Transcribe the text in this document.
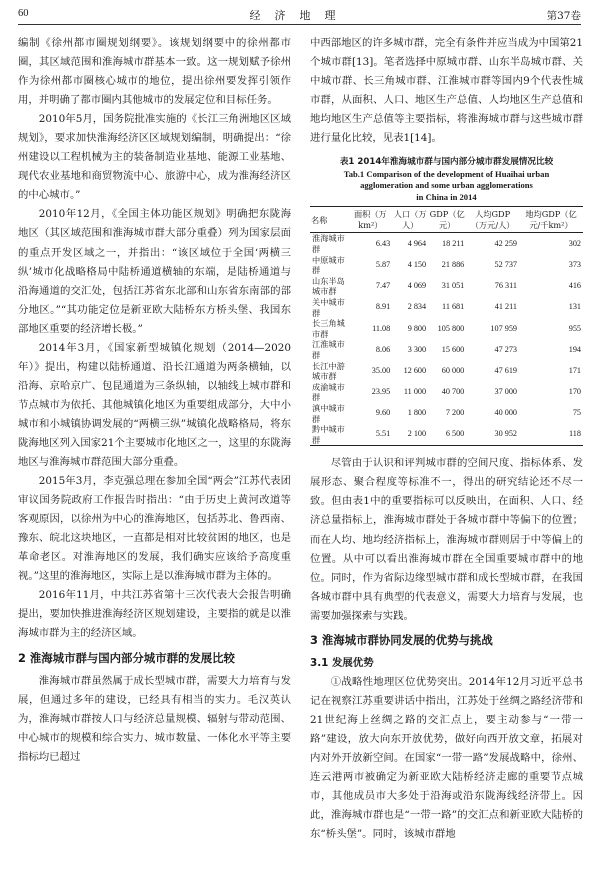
60	经济地理	第37卷

编制《徐州都市圈规划纲要》。该规划纲要中的徐州都市圈，其区域范围和淮海城市群基本一致。这一规划赋予徐州作为徐州都市圈核心城市的地位，提出徐州要发挥引领作用，并明确了都市圈内其他城市的发展定位和目标任务。

2010年5月，国务院批准实施的《长江三角洲地区区域规划》，要求加快淮海经济区区域规划编制，明确提出：“徐州建设以工程机械为主的装备制造业基地、能源工业基地、现代农业基地和商贸物流中心、旅游中心，成为淮海经济区的中心城市。”

2010年12月，《全国主体功能区规划》明确把东陇海地区（其区域范围和淮海城市群大部分重叠）列为国家层面的重点开发区域之一，并指出：“该区域位于全国‘两横三纵’城市化战略格局中陆桥通道横轴的东端，是陆桥通道与沿海通道的交汇处，包括江苏省东北部和山东省东南部的部分地区。”“其功能定位是新亚欧大陆桥东方桥头堡、我国东部地区重要的经济增长极。”

2014年3月，《国家新型城镇化规划（2014—2020年）》提出，构建以陆桥通道、沿长江通道为两条横轴，以沿海、京哈京广、包昆通道为三条纵轴，以轴线上城市群和节点城市为依托、其他城镇化地区为重要组成部分，大中小城市和小城镇协调发展的“两横三纵”城镇化战略格局，将东陇海地区列入国家21个主要城市化地区之一，这里的东陇海地区与淮海城市群范围大部分重叠。

2015年3月，李克强总理在参加全国“两会”江苏代表团审议国务院政府工作报告时指出：“由于历史上黄河改道等客观原因，以徐州为中心的淮海地区，包括苏北、鲁西南、豫东、皖北这块地区，一直都是相对比较贫困的地区，也是革命老区。对淮海地区的发展，我们确实应该给予高度重视。”这里的淮海地区，实际上是以淮海城市群为主体的。

2016年11月，中共江苏省第十三次代表大会报告明确提出，要加快推进淮海经济区规划建设，主要指的就是以淮海城市群为主的经济区域。

2 淮海城市群与国内部分城市群的发展比较

淮海城市群虽然属于成长型城市群，需要大力培育与发展，但通过多年的建设，已经具有相当的实力。毛汉英认为，淮海城市群按人口与经济总量规模、辐射与带动范围、中心城市的规模和综合实力、城市数量、一体化水平等主要指标均已超过

中西部地区的许多城市群，完全有条件并应当成为中国第21个城市群[13]。笔者选择中原城市群、山东半岛城市群、关中城市群、长三角城市群、江淮城市群等国内9个代表性城市群，从面积、人口、地区生产总值、人均地区生产总值和地均地区生产总值等主要指标，将淮海城市群与这些城市群进行量化比较，见表1[14]。

表1 2014年淮海城市群与国内部分城市群发展情况比较
Tab.1 Comparison of the development of Huaihai urban
agglomeration and some urban agglomerations
in China in 2014
名称	面积（万km²）	人口（万人）	GDP（亿元）	人均GDP（万元/人）	地均GDP（亿元/千km²）
淮海城市群	6.43	4 964	18 211	42 259	302
中原城市群	5.87	4 150	21 886	52 737	373
山东半岛城市群	7.47	4 069	31 051	76 311	416
关中城市群	8.91	2 834	11 681	41 211	131
长三角城市群	11.08	9 800	105 800	107 959	955
江淮城市群	8.06	3 300	15 600	47 273	194
长江中游城市群	35.00	12 600	60 000	47 619	171
成渝城市群	23.95	11 000	40 700	37 000	170
滇中城市群	9.60	1 800	7 200	40 000	75
黔中城市群	5.51	2 100	6 500	30 952	118

尽管由于认识和评判城市群的空间尺度、指标体系、发展形态、聚合程度等标准不一，得出的研究结论还不尽一致。但由表1中的重要指标可以反映出，在面积、人口、经济总量指标上，淮海城市群处于各城市群中等偏下的位置；而在人均、地均经济指标上，淮海城市群则居于中等偏上的位置。从中可以看出淮海城市群在全国重要城市群中的地位。同时，作为省际边缘型城市群和成长型城市群，在我国各城市群中具有典型的代表意义，需要大力培育与发展，也需要加强探索与实践。

3 淮海城市群协同发展的优势与挑战
3.1 发展优势

①战略性地理区位优势突出。2014年12月习近平总书记在视察江苏重要讲话中指出，江苏处于丝绸之路经济带和21世纪海上丝绸之路的交汇点上，要主动参与“一带一路”建设，放大向东开放优势，做好向西开放文章，拓展对内对外开放新空间。在国家“一带一路”发展战略中，徐州、连云港两市被确定为新亚欧大陆桥经济走廊的重要节点城市，其他成员市大多处于沿海或沿东陇海线经济带上。因此，淮海城市群也是“一带一路”的交汇点和新亚欧大陆桥的东“桥头堡”。同时，该城市群地
